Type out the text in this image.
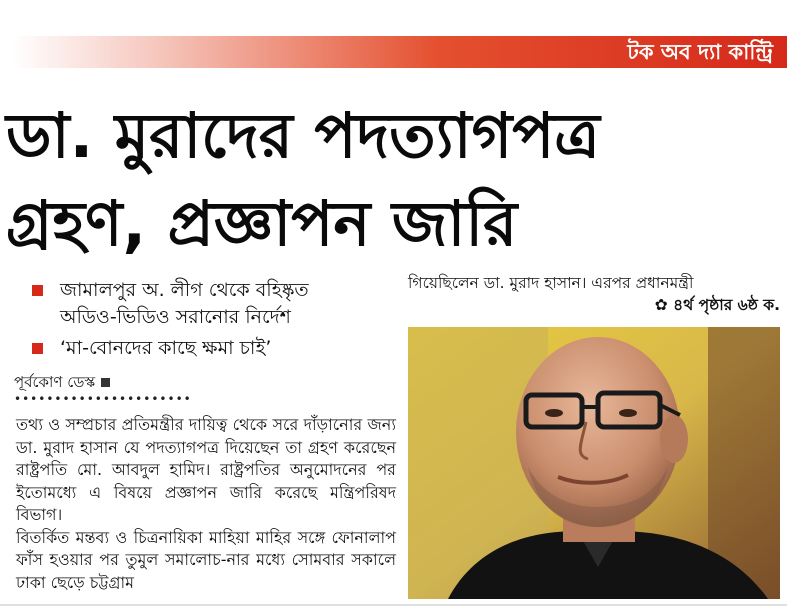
টক অব দ্যা কান্ট্রি
ডা. মুরাদের পদত্যাগপত্র
গ্রহণ, প্রজ্ঞাপন জারি
জামালপুর অ. লীগ থেকে বহিষ্কৃত
অডিও-ভিডিও সরানোর নির্দেশ
‘মা-বোনদের কাছে ক্ষমা চাই’
পূর্বকোণ ডেস্ক
••••••••••••••••••••••

তথ্য ও সম্প্রচার প্রতিমন্ত্রীর দায়িত্ব থেকে সরে দাঁড়ানোর জন্য ডা. মুরাদ হাসান যে পদত্যাগপত্র দিয়েছেন তা গ্রহণ করেছেন রাষ্ট্রপতি মো. আবদুল হামিদ। রাষ্ট্রপতির অনুমোদনের পর ইতোমধ্যে এ বিষয়ে প্রজ্ঞাপন জারি করেছে মন্ত্রিপরিষদ বিভাগ।

বিতর্কিত মন্তব্য ও চিত্রনায়িকা মাহিয়া মাহির সঙ্গে ফোনালাপ ফাঁস হওয়ার পর তুমুল সমালোচ-নার মধ্যে সোমবার সকালে ঢাকা ছেড়ে চট্টগ্রাম

গিয়েছিলেন ডা. মুরাদ হাসান। এরপর প্রধানমন্ত্রী
✿ ৪র্থ পৃষ্ঠার ৬ষ্ঠ ক.
